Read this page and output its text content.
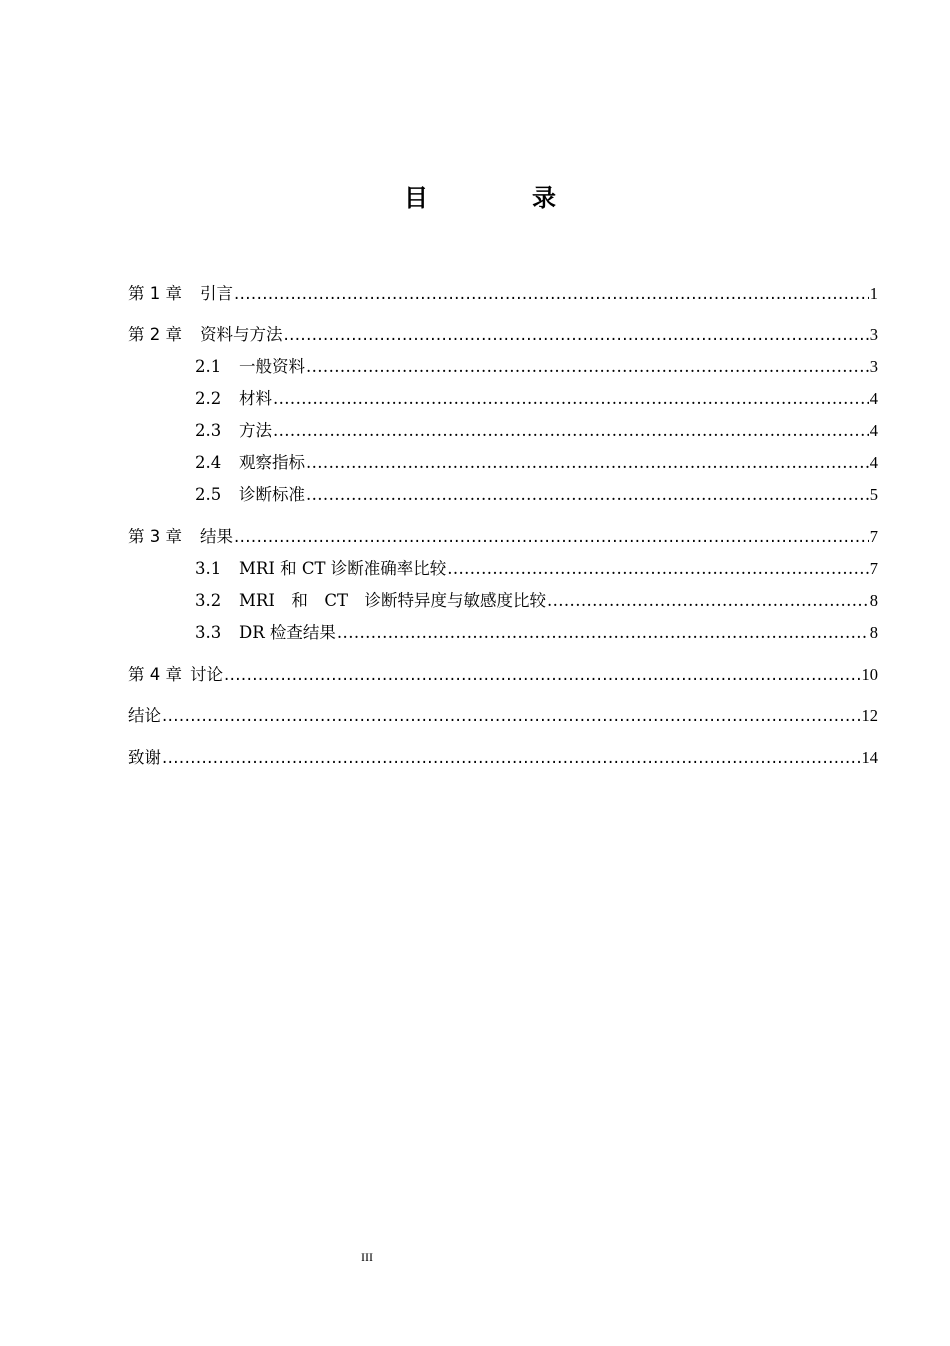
目　录
第 1 章 引言 .....	1
第 2 章 资料与方法 .....	3
2.1	一般资料 .....	3
2.2	材料 .....	4
2.3	方法 .....	4
2.4	观察指标 .....	4
2.5	诊断标准 .....	5
第 3 章 结果 .....	7
3.1	MRI 和 CT 诊断准确率比较 .....	7
3.2	MRI　和　CT　诊断特异度与敏感度比较 .....	8
3.3	DR 检查结果 .....	8
第 4 章 讨论 .....	10
结论 .....	12
致谢 .....	14
III
